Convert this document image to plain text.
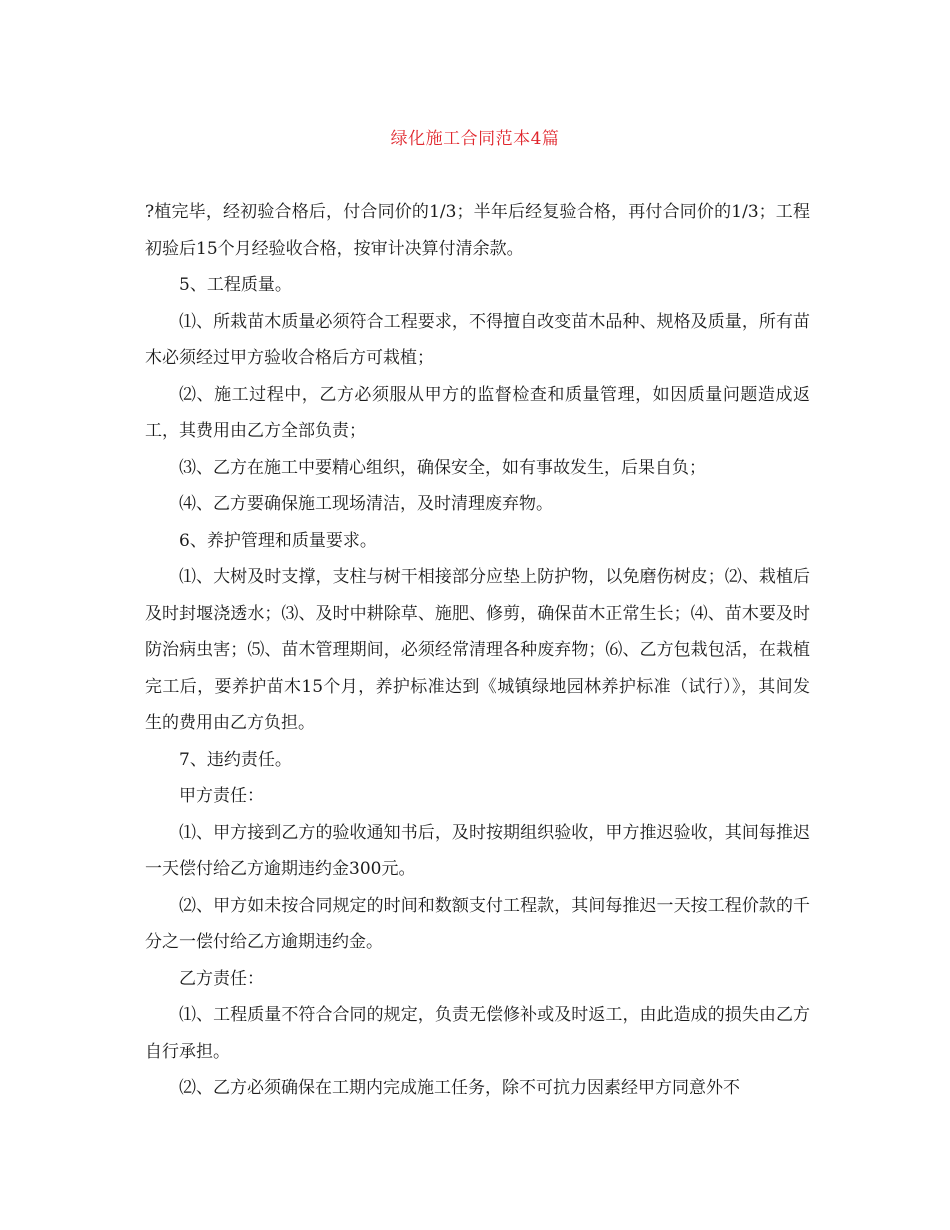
绿化施工合同范本4篇

?植完毕，经初验合格后，付合同价的1/3；半年后经复验合格，再付合同价的1/3；工程初验后15个月经验收合格，按审计决算付清余款。

5、工程质量。

⑴、所栽苗木质量必须符合工程要求，不得擅自改变苗木品种、规格及质量，所有苗木必须经过甲方验收合格后方可栽植；

⑵、施工过程中，乙方必须服从甲方的监督检查和质量管理，如因质量问题造成返工，其费用由乙方全部负责；

⑶、乙方在施工中要精心组织，确保安全，如有事故发生，后果自负；

⑷、乙方要确保施工现场清洁，及时清理废弃物。

6、养护管理和质量要求。

⑴、大树及时支撑，支柱与树干相接部分应垫上防护物，以免磨伤树皮；⑵、栽植后及时封堰浇透水；⑶、及时中耕除草、施肥、修剪，确保苗木正常生长；⑷、苗木要及时防治病虫害；⑸、苗木管理期间，必须经常清理各种废弃物；⑹、乙方包栽包活，在栽植完工后，要养护苗木15个月，养护标准达到《城镇绿地园林养护标准（试行）》，其间发生的费用由乙方负担。

7、违约责任。

甲方责任：

⑴、甲方接到乙方的验收通知书后，及时按期组织验收，甲方推迟验收，其间每推迟一天偿付给乙方逾期违约金300元。

⑵、甲方如未按合同规定的时间和数额支付工程款，其间每推迟一天按工程价款的千分之一偿付给乙方逾期违约金。

乙方责任：

⑴、工程质量不符合合同的规定，负责无偿修补或及时返工，由此造成的损失由乙方自行承担。

⑵、乙方必须确保在工期内完成施工任务，除不可抗力因素经甲方同意外不
